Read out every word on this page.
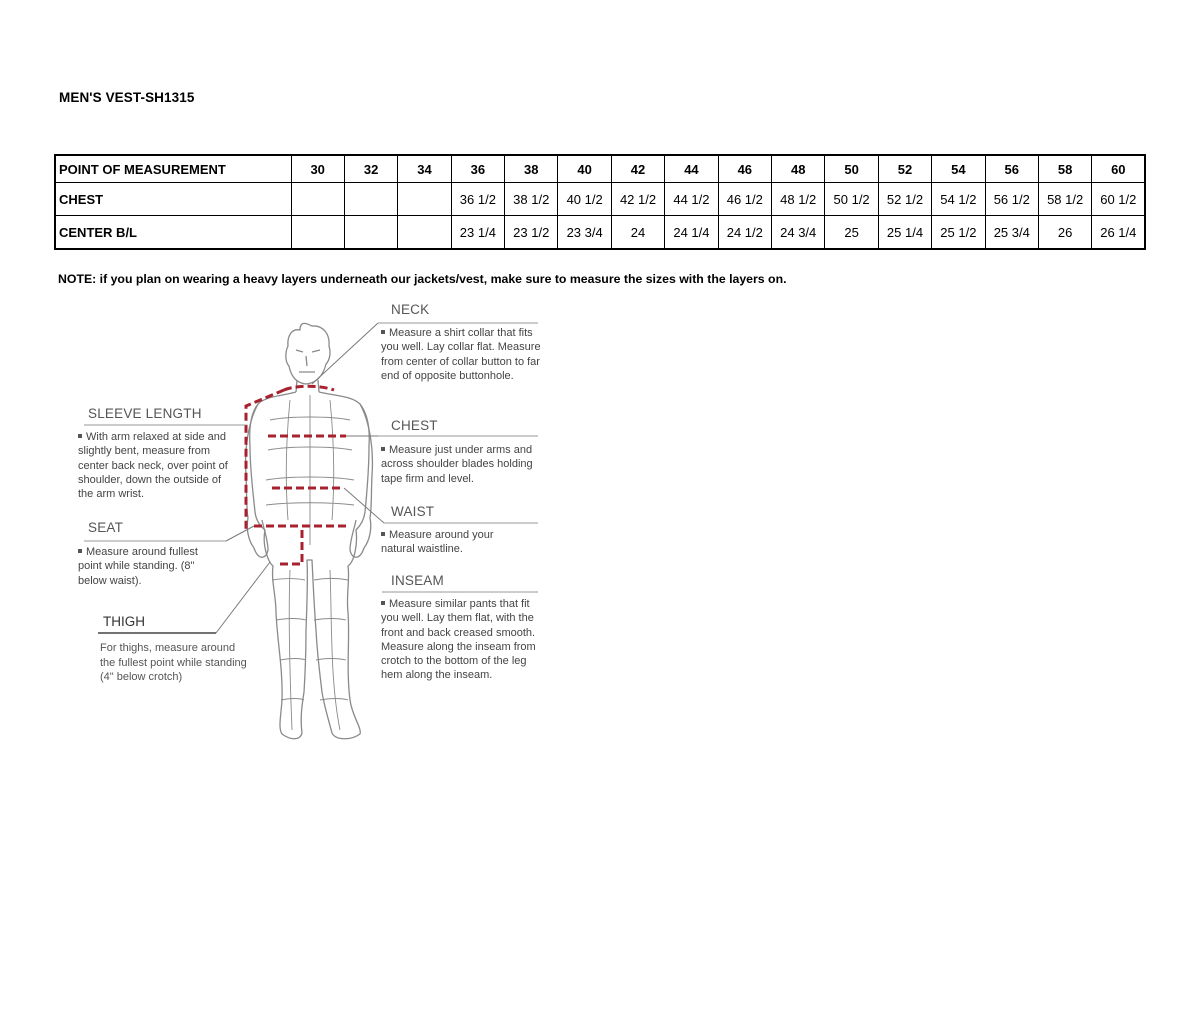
MEN'S VEST-SH1315
POINT OF MEASUREMENT	30	32	34	36	38	40	42	44	46	48	50	52	54	56	58	60
CHEST				36 1/2	38 1/2	40 1/2	42 1/2	44 1/2	46 1/2	48 1/2	50 1/2	52 1/2	54 1/2	56 1/2	58 1/2	60 1/2
CENTER B/L				23 1/4	23 1/2	23 3/4	24	24 1/4	24 1/2	24 3/4	25	25 1/4	25 1/2	25 3/4	26	26 1/4
NOTE: if you plan on wearing a heavy layers underneath our jackets/vest, make sure to measure the sizes with the layers on.
NECK
Measure a shirt collar that fits you well. Lay collar flat. Measure from center of collar button to far end of opposite buttonhole.
CHEST
Measure just under arms and across shoulder blades holding tape firm and level.
WAIST
Measure around your natural waistline.
INSEAM
Measure similar pants that fit you well. Lay them flat, with the front and back creased smooth. Measure along the inseam from crotch to the bottom of the leg hem along the inseam.
SLEEVE LENGTH
With arm relaxed at side and slightly bent, measure from center back neck, over point of shoulder, down the outside of the arm wrist.
SEAT
Measure around fullest point while standing. (8" below waist).
THIGH
For thighs, measure around the fullest point while standing (4" below crotch)
